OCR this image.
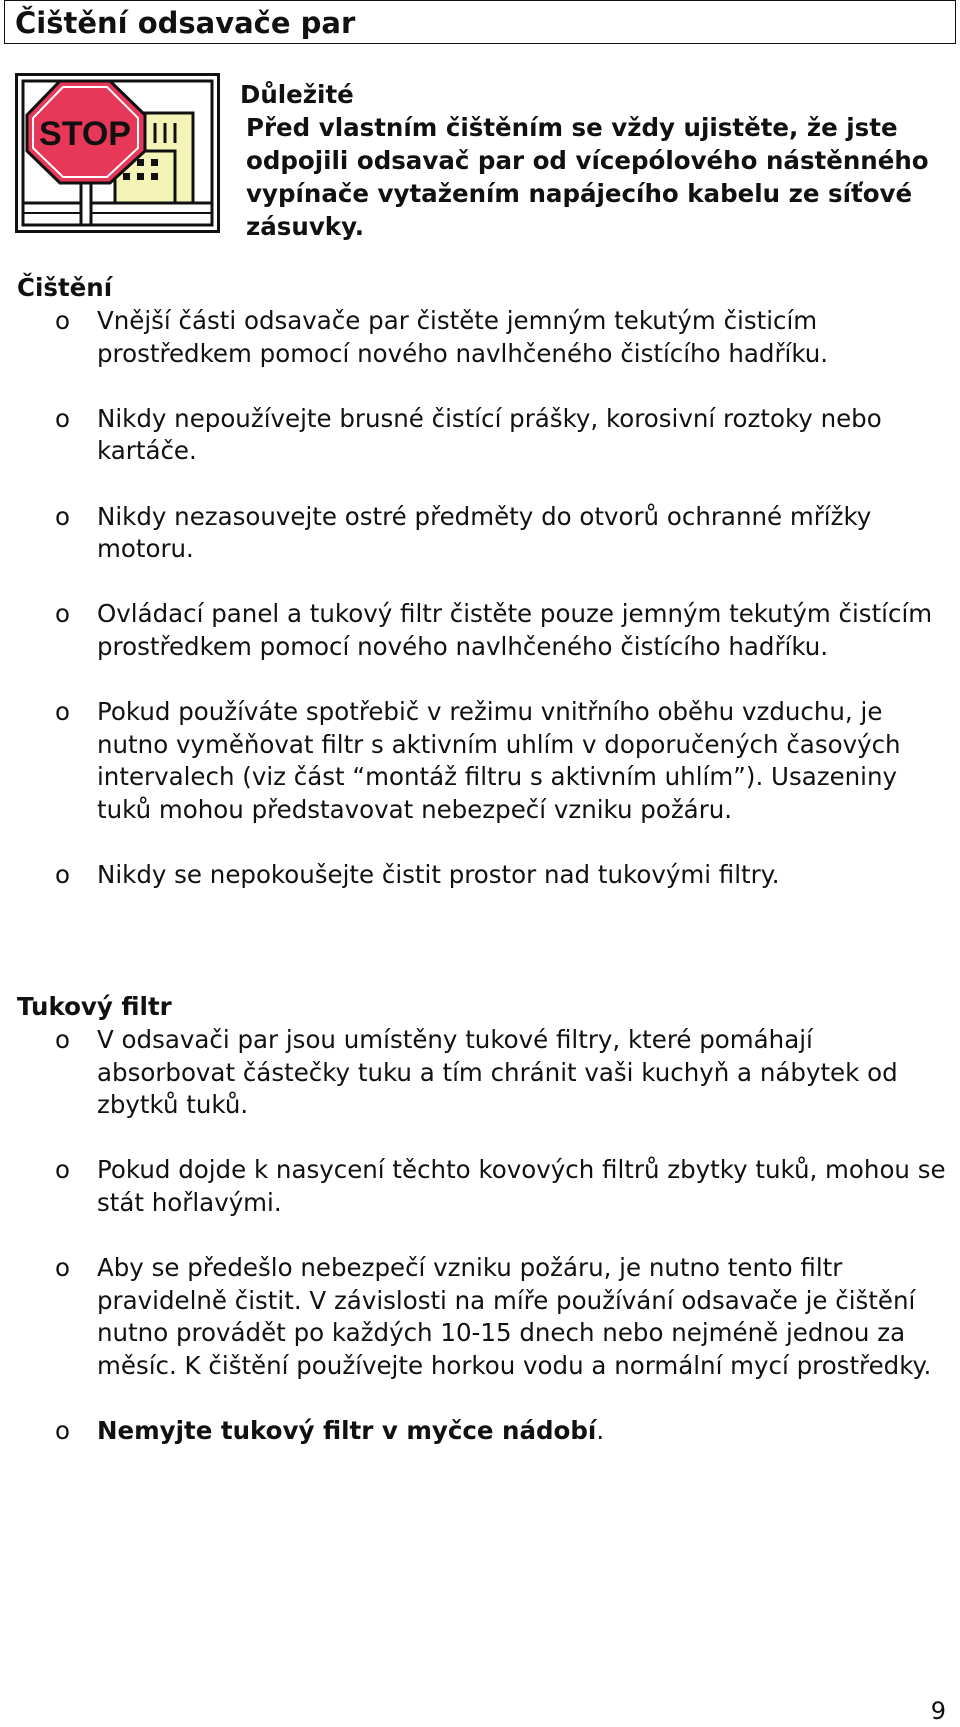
Čištění odsavače par
STOP
Důležité
Před vlastním čištěním se vždy ujistěte, že jste odpojili odsavač par od vícepólového nástěnného vypínače vytažením napájecího kabelu ze síťové zásuvky.
Čištění
o Vnější části odsavače par čistěte jemným tekutým čisticím prostředkem pomocí nového navlhčeného čistícího hadříku.
o Nikdy nepoužívejte brusné čistící prášky, korosivní roztoky nebo kartáče.
o Nikdy nezasouvejte ostré předměty do otvorů ochranné mřížky motoru.
o Ovládací panel a tukový filtr čistěte pouze jemným tekutým čistícím prostředkem pomocí nového navlhčeného čistícího hadříku.
o Pokud používáte spotřebič v režimu vnitřního oběhu vzduchu, je nutno vyměňovat filtr s aktivním uhlím v doporučených časových intervalech (viz část “montáž filtru s aktivním uhlím”). Usazeniny tuků mohou představovat nebezpečí vzniku požáru.
o Nikdy se nepokoušejte čistit prostor nad tukovými filtry.
Tukový filtr
o V odsavači par jsou umístěny tukové filtry, které pomáhají absorbovat částečky tuku a tím chránit vaši kuchyň a nábytek od zbytků tuků.
o Pokud dojde k nasycení těchto kovových filtrů zbytky tuků, mohou se stát hořlavými.
o Aby se předešlo nebezpečí vzniku požáru, je nutno tento filtr pravidelně čistit. V závislosti na míře používání odsavače je čištění nutno provádět po každých 10-15 dnech nebo nejméně jednou za měsíc. K čištění používejte horkou vodu a normální mycí prostředky.
o Nemyjte tukový filtr v myčce nádobí.
9
